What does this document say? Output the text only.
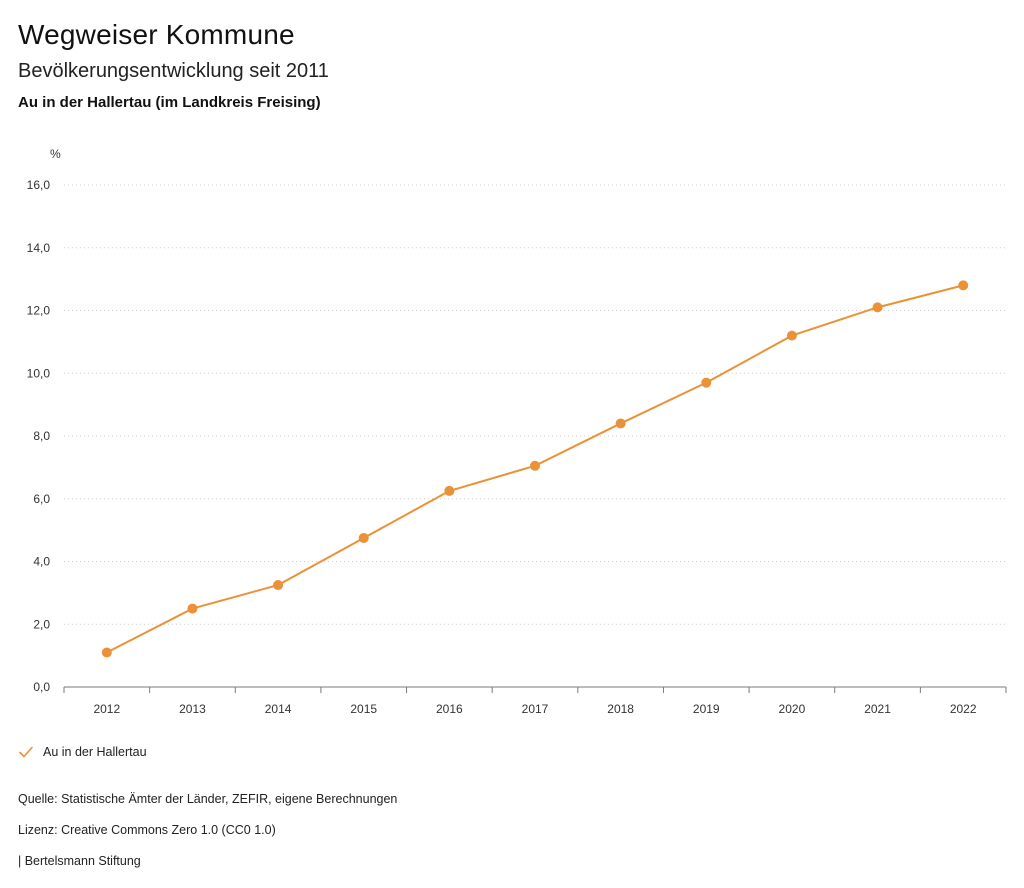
Wegweiser Kommune
Bevölkerungsentwicklung seit 2011
Au in der Hallertau (im Landkreis Freising)
%
0,0
2,0
4,0
6,0
8,0
10,0
12,0
14,0
16,0
2012	2013	2014	2015	2016	2017	2018	2019	2020	2021	2022
Au in der Hallertau

Quelle: Statistische Ämter der Länder, ZEFIR, eigene Berechnungen

Lizenz: Creative Commons Zero 1.0 (CC0 1.0)

| Bertelsmann Stiftung
